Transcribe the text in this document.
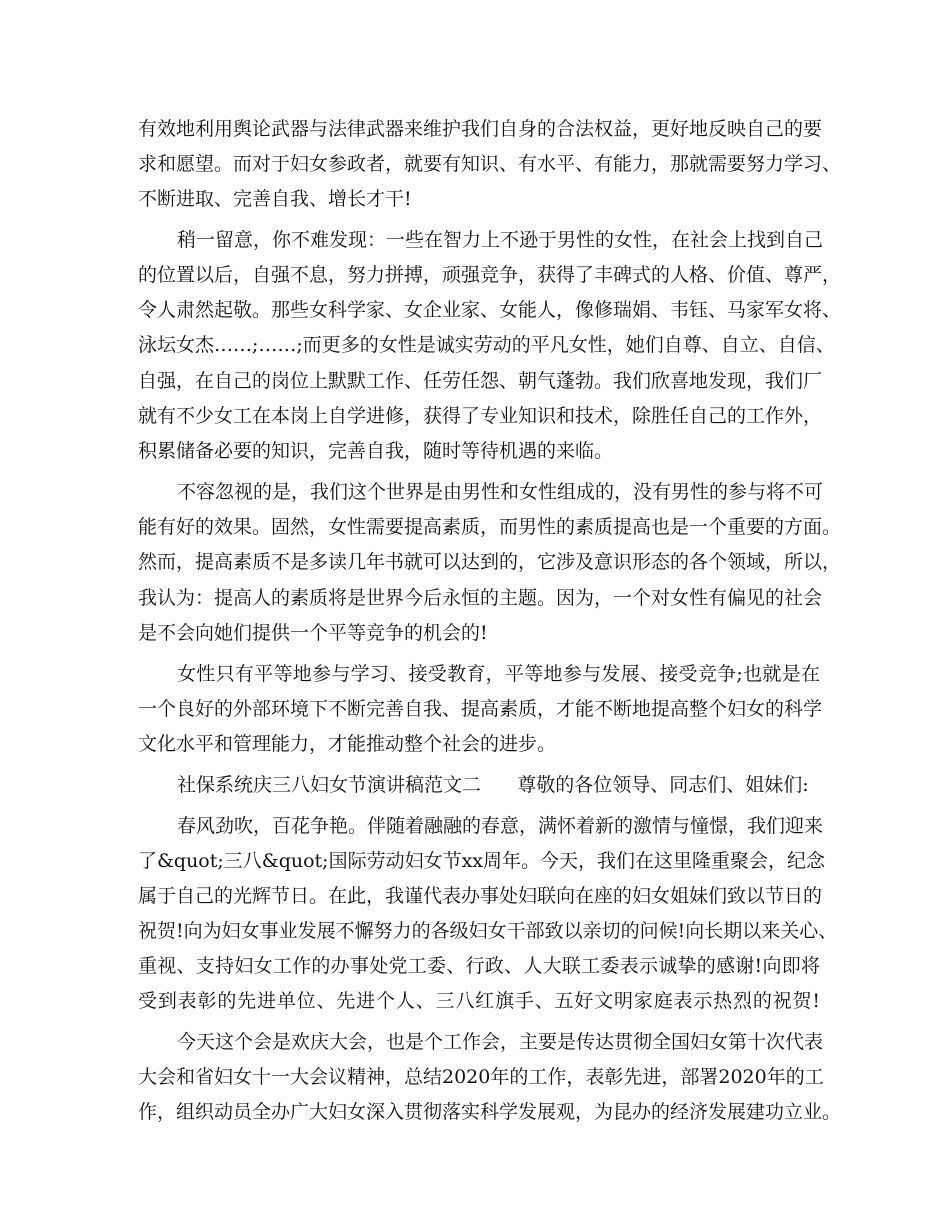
有效地利用舆论武器与法律武器来维护我们自身的合法权益，更好地反映自己的要
求和愿望。而对于妇女参政者，就要有知识、有水平、有能力，那就需要努力学习、
不断进取、完善自我、增长才干!
稍一留意，你不难发现：一些在智力上不逊于男性的女性，在社会上找到自己
的位置以后，自强不息，努力拼搏，顽强竞争，获得了丰碑式的人格、价值、尊严，
令人肃然起敬。那些女科学家、女企业家、女能人，像修瑞娟、韦钰、马家军女将、
泳坛女杰……;……;而更多的女性是诚实劳动的平凡女性，她们自尊、自立、自信、
自强，在自己的岗位上默默工作、任劳任怨、朝气蓬勃。我们欣喜地发现，我们厂
就有不少女工在本岗上自学进修，获得了专业知识和技术，除胜任自己的工作外，
积累储备必要的知识，完善自我，随时等待机遇的来临。
不容忽视的是，我们这个世界是由男性和女性组成的，没有男性的参与将不可
能有好的效果。固然，女性需要提高素质，而男性的素质提高也是一个重要的方面。
然而，提高素质不是多读几年书就可以达到的，它涉及意识形态的各个领域，所以，
我认为：提高人的素质将是世界今后永恒的主题。因为，一个对女性有偏见的社会
是不会向她们提供一个平等竞争的机会的!
女性只有平等地参与学习、接受教育，平等地参与发展、接受竞争;也就是在
一个良好的外部环境下不断完善自我、提高素质，才能不断地提高整个妇女的科学
文化水平和管理能力，才能推动整个社会的进步。
社保系统庆三八妇女节演讲稿范文二      尊敬的各位领导、同志们、姐妹们:
春风劲吹，百花争艳。伴随着融融的春意，满怀着新的激情与憧憬，我们迎来
了&quot;三八&quot;国际劳动妇女节xx周年。今天，我们在这里隆重聚会，纪念
属于自己的光辉节日。在此，我谨代表办事处妇联向在座的妇女姐妹们致以节日的
祝贺!向为妇女事业发展不懈努力的各级妇女干部致以亲切的问候!向长期以来关心、
重视、支持妇女工作的办事处党工委、行政、人大联工委表示诚挚的感谢!向即将
受到表彰的先进单位、先进个人、三八红旗手、五好文明家庭表示热烈的祝贺!
今天这个会是欢庆大会，也是个工作会，主要是传达贯彻全国妇女第十次代表
大会和省妇女十一大会议精神，总结2020年的工作，表彰先进，部署2020年的工
作，组织动员全办广大妇女深入贯彻落实科学发展观，为昆办的经济发展建功立业。
